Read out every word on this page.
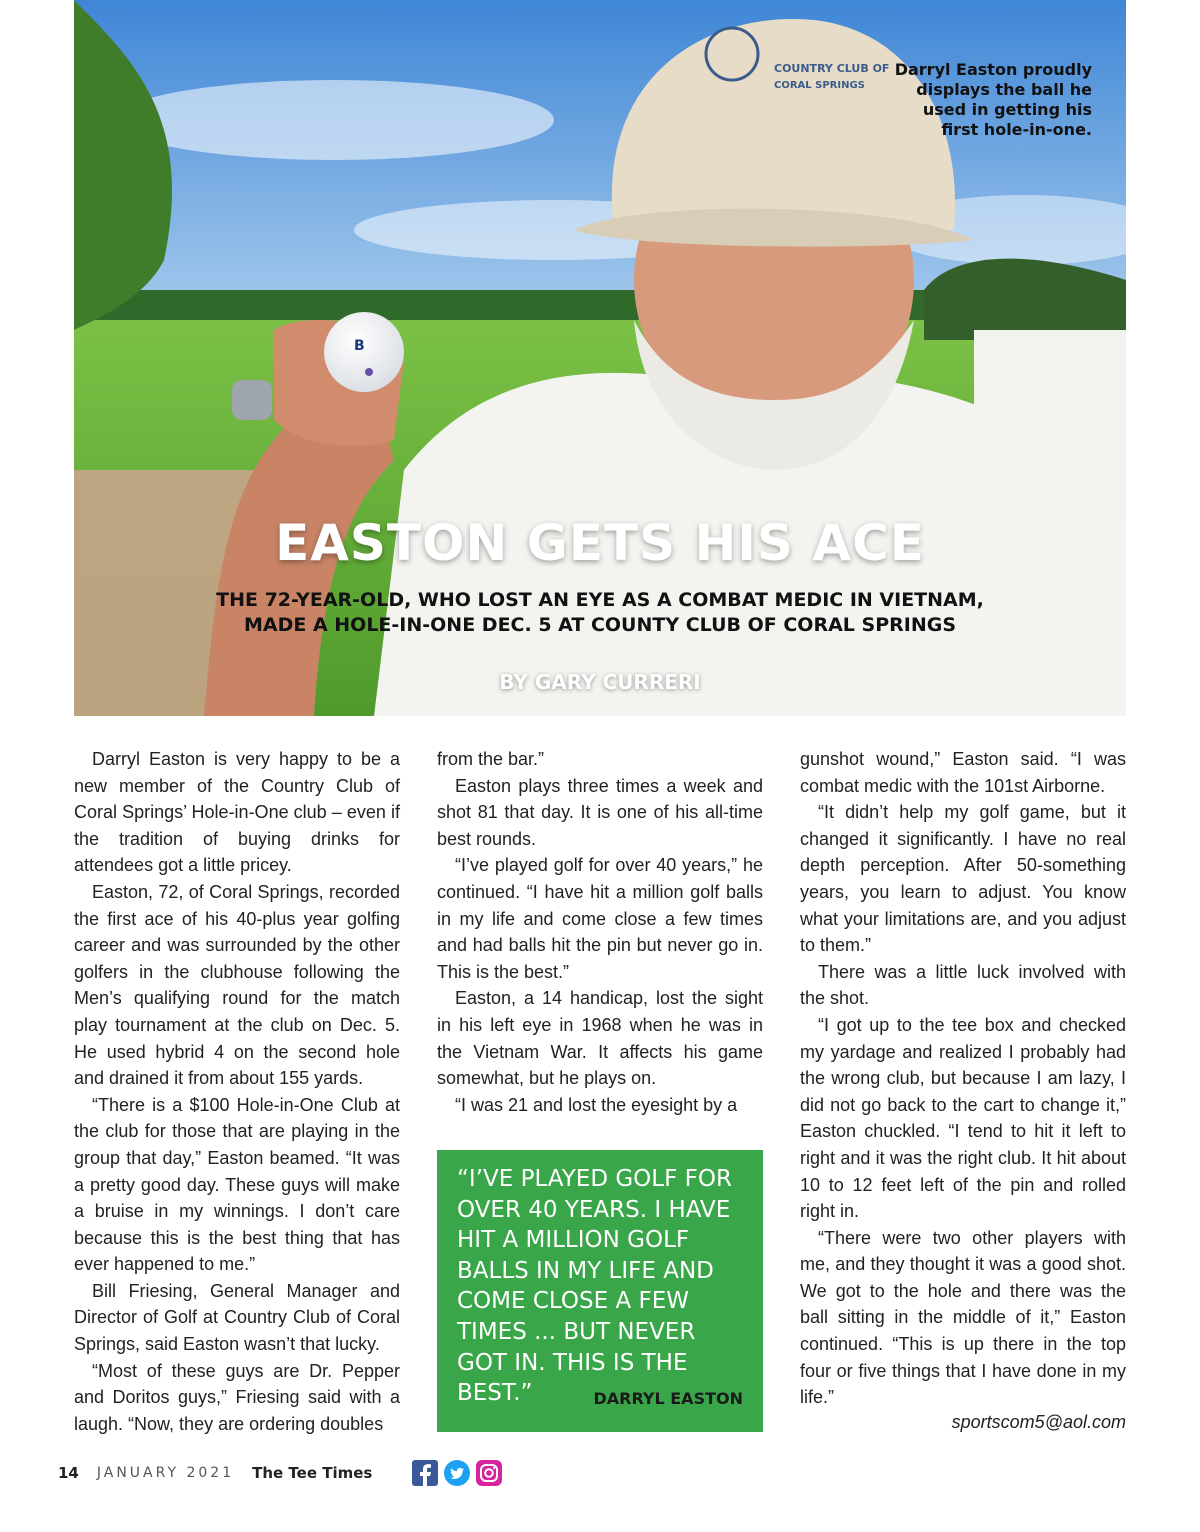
COUNTRY CLUB OF
CORAL SPRINGS
B
Darryl Easton proudly
displays the ball he
used in getting his
first hole-in-one.
EASTON GETS HIS ACE
THE 72-YEAR-OLD, WHO LOST AN EYE AS A COMBAT MEDIC IN VIETNAM,
MADE A HOLE-IN-ONE DEC. 5 AT COUNTY CLUB OF CORAL SPRINGS
BY GARY CURRERI

Darryl Easton is very happy to be a new member of the Country Club of Coral Springs’ Hole-in-One club – even if the tradition of buying drinks for attendees got a little pricey.

Easton, 72, of Coral Springs, recorded the first ace of his 40-plus year golfing career and was surrounded by the other golfers in the clubhouse following the Men’s qualifying round for the match play tournament at the club on Dec. 5. He used hybrid 4 on the second hole and drained it from about 155 yards.

“There is a $100 Hole-in-One Club at the club for those that are playing in the group that day,” Easton beamed. “It was a pretty good day. These guys will make a bruise in my winnings. I don’t care because this is the best thing that has ever happened to me.”

Bill Friesing, General Manager and Director of Golf at Country Club of Coral Springs, said Easton wasn’t that lucky.

“Most of these guys are Dr. Pepper and Doritos guys,” Friesing said with a laugh. “Now, they are ordering doubles

from the bar.”

Easton plays three times a week and shot 81 that day. It is one of his all-time best rounds.

“I’ve played golf for over 40 years,” he continued. “I have hit a million golf balls in my life and come close a few times and had balls hit the pin but never go in. This is the best.”

Easton, a 14 handicap, lost the sight in his left eye in 1968 when he was in the Vietnam War. It affects his game somewhat, but he plays on.

“I was 21 and lost the eyesight by a

“I’VE PLAYED GOLF FOR OVER 40 YEARS. I HAVE HIT A MILLION GOLF BALLS IN MY LIFE AND COME CLOSE A FEW TIMES ... BUT NEVER GOT IN. THIS IS THE BEST.”	DARRYL EASTON

gunshot wound,” Easton said. “I was combat medic with the 101st Airborne.

“It didn’t help my golf game, but it changed it significantly. I have no real depth perception. After 50-something years, you learn to adjust. You know what your limitations are, and you adjust to them.”

There was a little luck involved with the shot.

“I got up to the tee box and checked my yardage and realized I probably had the wrong club, but because I am lazy, I did not go back to the cart to change it,” Easton chuckled. “I tend to hit it left to right and it was the right club. It hit about 10 to 12 feet left of the pin and rolled right in.

“There were two other players with me, and they thought it was a good shot. We got to the hole and there was the ball sitting in the middle of it,” Easton continued. “This is up there in the top four or five things that I have done in my life.”

sportscom5@aol.com
14 JANUARY 2021 The Tee Times
